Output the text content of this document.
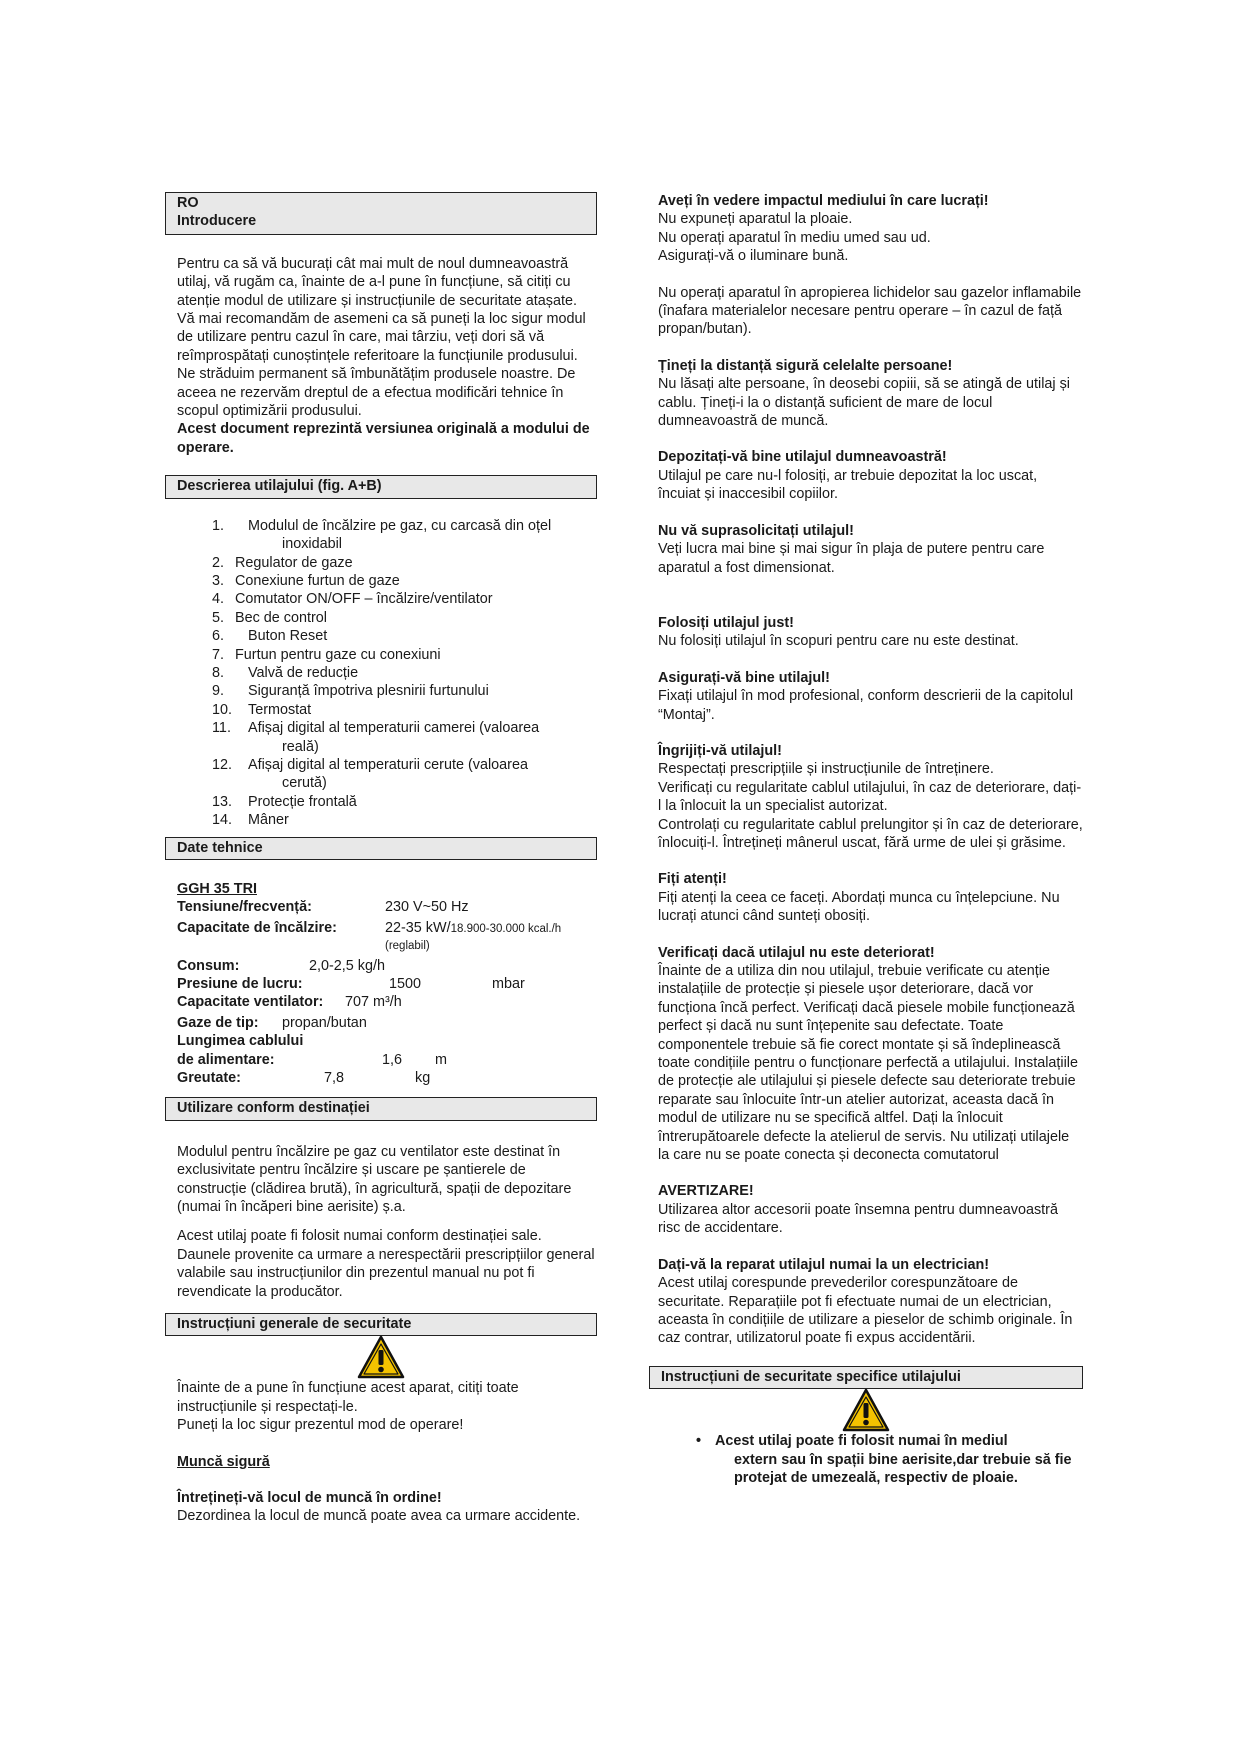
RO
Introducere

Pentru ca să vă bucurați cât mai mult de noul dumneavoastră utilaj, vă rugăm ca, înainte de a-l pune în funcțiune, să citiți cu atenție modul de utilizare și instrucțiunile de securitate atașate. Vă mai recomandăm de asemeni ca să puneți la loc sigur modul de utilizare pentru cazul în care, mai târziu, veți dori să vă reîmprospătați cunoștințele referitoare la funcțiunile produsului. Ne străduim permanent să îmbunătățim produsele noastre. De aceea ne rezervăm dreptul de a efectua modificări tehnice în scopul optimizării produsului.

Acest document reprezintă versiunea originală a modului de operare.

Descrierea utilajului (fig. A+B)
1. Modulul de încălzire pe gaz, cu carcasă din oțel
inoxidabil
2. Regulator de gaze
3. Conexiune furtun de gaze
4. Comutator ON/OFF – încălzire/ventilator
5. Bec de control
6. Buton Reset
7. Furtun pentru gaze cu conexiuni
8. Valvă de reducție
9. Siguranță împotriva plesnirii furtunului
10. Termostat
11. Afișaj digital al temperaturii camerei (valoarea
reală)
12. Afișaj digital al temperaturii cerute (valoarea
cerută)
13. Protecție frontală
14. Mâner
Date tehnice
GGH 35 TRI
Tensiune/frecvență:	230 V~50 Hz
Capacitate de încălzire:	22-35 kW/18.900-30.000 kcal./h
(reglabil)
Consum:	2,0-2,5 kg/h
Presiune de lucru:	1500	mbar
Capacitate ventilator: 707 m³/h
Gaze de tip: propan/butan
Lungimea cablului
de alimentare:	1,6 m
Greutate:	7,8	kg
Utilizare conform destinației

Modulul pentru încălzire pe gaz cu ventilator este destinat în exclusivitate pentru încălzire și uscare pe șantierele de construcție (clădirea brută), în agricultură, spații de depozitare (numai în încăperi bine aerisite) ș.a.

Acest utilaj poate fi folosit numai conform destinației sale. Daunele provenite ca urmare a nerespectării prescripțiilor general valabile sau instrucțiunilor din prezentul manual nu pot fi revendicate la producător.

Instrucțiuni generale de securitate

Înainte de a pune în funcțiune acest aparat, citiți toate instrucțiunile și respectați-le.

Puneți la loc sigur prezentul mod de operare!

Muncă sigură

Întrețineți-vă locul de muncă în ordine!

Dezordinea la locul de muncă poate avea ca urmare accidente.

Aveți în vedere impactul mediului în care lucrați!

Nu expuneți aparatul la ploaie.

Nu operați aparatul în mediu umed sau ud.

Asigurați-vă o iluminare bună.

Nu operați aparatul în apropierea lichidelor sau gazelor inflamabile (înafara materialelor necesare pentru operare – în cazul de față propan/butan).

Țineți la distanță sigură celelalte persoane!

Nu lăsați alte persoane, în deosebi copiii, să se atingă de utilaj și cablu. Țineți-i la o distanță suficient de mare de locul dumneavoastră de muncă.

Depozitați-vă bine utilajul dumneavoastră!

Utilajul pe care nu-l folosiți, ar trebuie depozitat la loc uscat, încuiat și inaccesibil copiilor.

Nu vă suprasolicitați utilajul!

Veți lucra mai bine și mai sigur în plaja de putere pentru care aparatul a fost dimensionat.

Folosiți utilajul just!

Nu folosiți utilajul în scopuri pentru care nu este destinat.

Asigurați-vă bine utilajul!

Fixați utilajul în mod profesional, conform descrierii de la capitolul “Montaj”.

Îngrijiți-vă utilajul!

Respectați prescripțiile și instrucțiunile de întreținere.

Verificați cu regularitate cablul utilajului, în caz de deteriorare, dați-l la înlocuit la un specialist autorizat.

Controlați cu regularitate cablul prelungitor și în caz de deteriorare, înlocuiți-l. Întrețineți mânerul uscat, fără urme de ulei și grăsime.

Fiți atenți!

Fiți atenți la ceea ce faceți. Abordați munca cu înțelepciune. Nu lucrați atunci când sunteți obosiți.

Verificați dacă utilajul nu este deteriorat!

Înainte de a utiliza din nou utilajul, trebuie verificate cu atenție instalațiile de protecție și piesele ușor deteriorare, dacă vor funcționa încă perfect. Verificați dacă piesele mobile funcționează perfect și dacă nu sunt înțepenite sau defectate. Toate componentele trebuie să fie corect montate și să îndeplinească toate condițiile pentru o funcționare perfectă a utilajului. Instalațiile de protecție ale utilajului și piesele defecte sau deteriorate trebuie reparate sau înlocuite într-un atelier autorizat, aceasta dacă în modul de utilizare nu se specifică altfel. Dați la înlocuit întrerupătoarele defecte la atelierul de servis. Nu utilizați utilajele la care nu se poate conecta și deconecta comutatorul

AVERTIZARE!

Utilizarea altor accesorii poate însemna pentru dumneavoastră risc de accidentare.

Dați-vă la reparat utilajul numai la un electrician!

Acest utilaj corespunde prevederilor corespunzătoare de securitate. Reparațiile pot fi efectuate numai de un electrician, aceasta în condițiile de utilizare a pieselor de schimb originale. În caz contrar, utilizatorul poate fi expus accidentării.

Instrucțiuni de securitate specifice utilajului
• Acest utilaj poate fi folosit numai în mediul
extern sau în spații bine aerisite,dar trebuie să fie protejat de umezeală, respectiv de ploaie.
